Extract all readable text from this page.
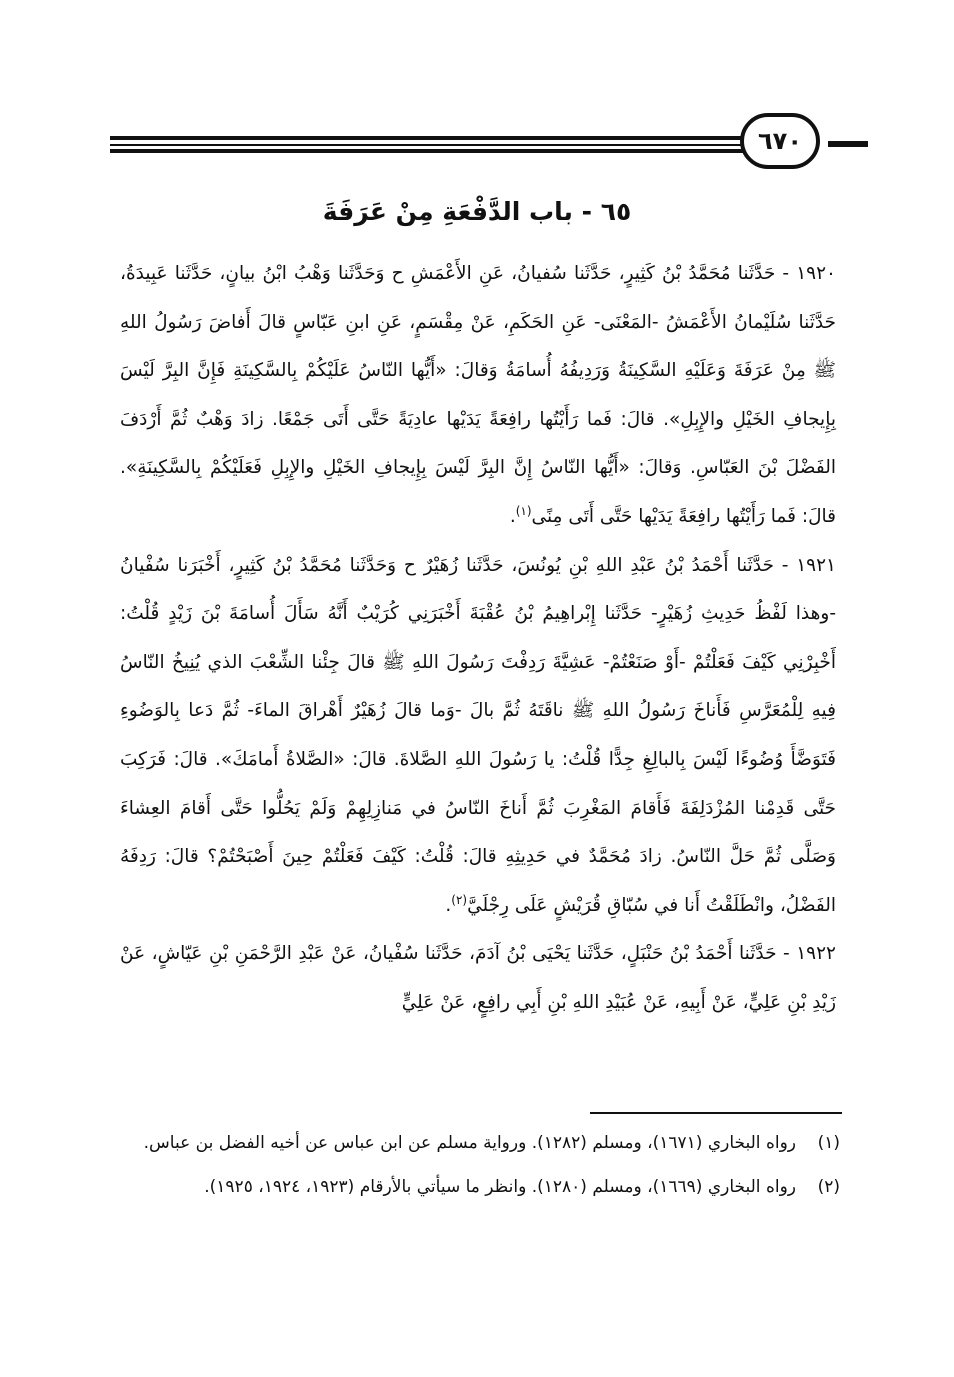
٦٧٠
٦٥ - باب الدَّفْعَةِ مِنْ عَرَفَةَ

١٩٢٠ - حَدَّثَنا مُحَمَّدُ بْنُ كَثِيرٍ، حَدَّثَنا سُفيانُ، عَنِ الأَعْمَشِ ح وَحَدَّثَنا وَهْبُ ابْنُ بيانٍ، حَدَّثَنا عَبِيدَةُ، حَدَّثَنا سُلَيْمانُ الأَعْمَشُ -المَعْنَى- عَنِ الحَكَمِ، عَنْ مِقْسَمٍ، عَنِ ابنِ عَبّاسٍ قالَ أَفاضَ رَسُولُ اللهِ ﷺ مِنْ عَرَفَةَ وَعَلَيْهِ السَّكِينَةُ وَرَدِيفُهُ أُسامَةُ وَقالَ: «أَيُّها النّاسُ عَلَيْكُمْ بِالسَّكِينَةِ فَإِنَّ البِرَّ لَيْسَ بِإِيجافِ الخَيْلِ والإِبِلِ». قالَ: فَما رَأَيْتُها رافِعَةً يَدَيْها عادِيَةً حَتَّى أَتَى جَمْعًا. زادَ وَهْبٌ ثُمَّ أَرْدَفَ الفَضْلَ بْنَ العَبّاسِ. وَقالَ: «أَيُّها النّاسُ إِنَّ البِرَّ لَيْسَ بِإِيجافِ الخَيْلِ والإِبِلِ فَعَلَيْكُمْ بِالسَّكِينَةِ». قالَ: فَما رَأَيْتُها رافِعَةً يَدَيْها حَتَّى أَتَى مِنًى$^{(١)}$.

١٩٢١ - حَدَّثَنا أَحْمَدُ بْنُ عَبْدِ اللهِ بْنِ يُونُسَ، حَدَّثَنا زُهَيْرٌ ح وَحَدَّثَنا مُحَمَّدُ بْنُ كَثِيرٍ، أَخْبَرَنا سُفْيانُ -وهذا لَفْظُ حَدِيثِ زُهَيْرٍ- حَدَّثَنا إِبْراهِيمُ بْنُ عُقْبَةَ أَخْبَرَنِي كُرَيْبٌ أَنَّهُ سَأَلَ أُسامَةَ بْنَ زَيْدٍ قُلْتُ: أَخْبِرْنِي كَيْفَ فَعَلْتُمْ -أَوْ صَنَعْتُمْ- عَشِيَّةَ رَدِفْتَ رَسُولَ اللهِ ﷺ قالَ جِئْنا الشِّعْبَ الذي يُنِيخُ النّاسُ فِيهِ لِلْمُعَرَّسِ فَأَناخَ رَسُولُ اللهِ ﷺ ناقَتَهُ ثُمَّ بالَ -وَما قالَ زُهَيْرٌ أَهْراقَ الماءَ- ثُمَّ دَعا بِالوَضُوءِ فَتَوَضَّأَ وُضُوءًا لَيْسَ بِالبالِغِ جِدًّا قُلْتُ: يا رَسُولَ اللهِ الصَّلاةَ. قالَ: «الصَّلاةُ أَمامَكَ». قالَ: فَرَكِبَ حَتَّى قَدِمْنا المُزْدَلِفَةَ فَأَقامَ المَغْرِبَ ثُمَّ أَناخَ النّاسُ في مَنازِلِهِمْ وَلَمْ يَحُلُّوا حَتَّى أَقامَ العِشاءَ وَصَلَّى ثُمَّ حَلَّ النّاسُ. زادَ مُحَمَّدٌ في حَدِيثِهِ قالَ: قُلْتُ: كَيْفَ فَعَلْتُمْ حِينَ أَصْبَحْتُمْ؟ قالَ: رَدِفَهُ الفَضْلُ، وانْطَلَقْتُ أَنا في سُبّاقِ قُرَيْشٍ عَلَى رِجْلَيَّ$^{(٢)}$.

١٩٢٢ - حَدَّثَنا أَحْمَدُ بْنُ حَنْبَلٍ، حَدَّثَنا يَحْيَى بْنُ آدَمَ، حَدَّثَنا سُفْيانُ، عَنْ عَبْدِ الرَّحْمَنِ بْنِ عَيّاشٍ، عَنْ زَيْدِ بْنِ عَلِيٍّ، عَنْ أَبِيهِ، عَنْ عُبَيْدِ اللهِ بْنِ أَبِي رافِعٍ، عَنْ عَلِيٍّ

(١)
رواه البخاري (١٦٧١)، ومسلم (١٢٨٢). ورواية مسلم عن ابن عباس عن أخيه الفضل بن عباس.
(٢)
رواه البخاري (١٦٦٩)، ومسلم (١٢٨٠). وانظر ما سيأتي بالأرقام (١٩٢٣، ١٩٢٤، ١٩٢٥).
